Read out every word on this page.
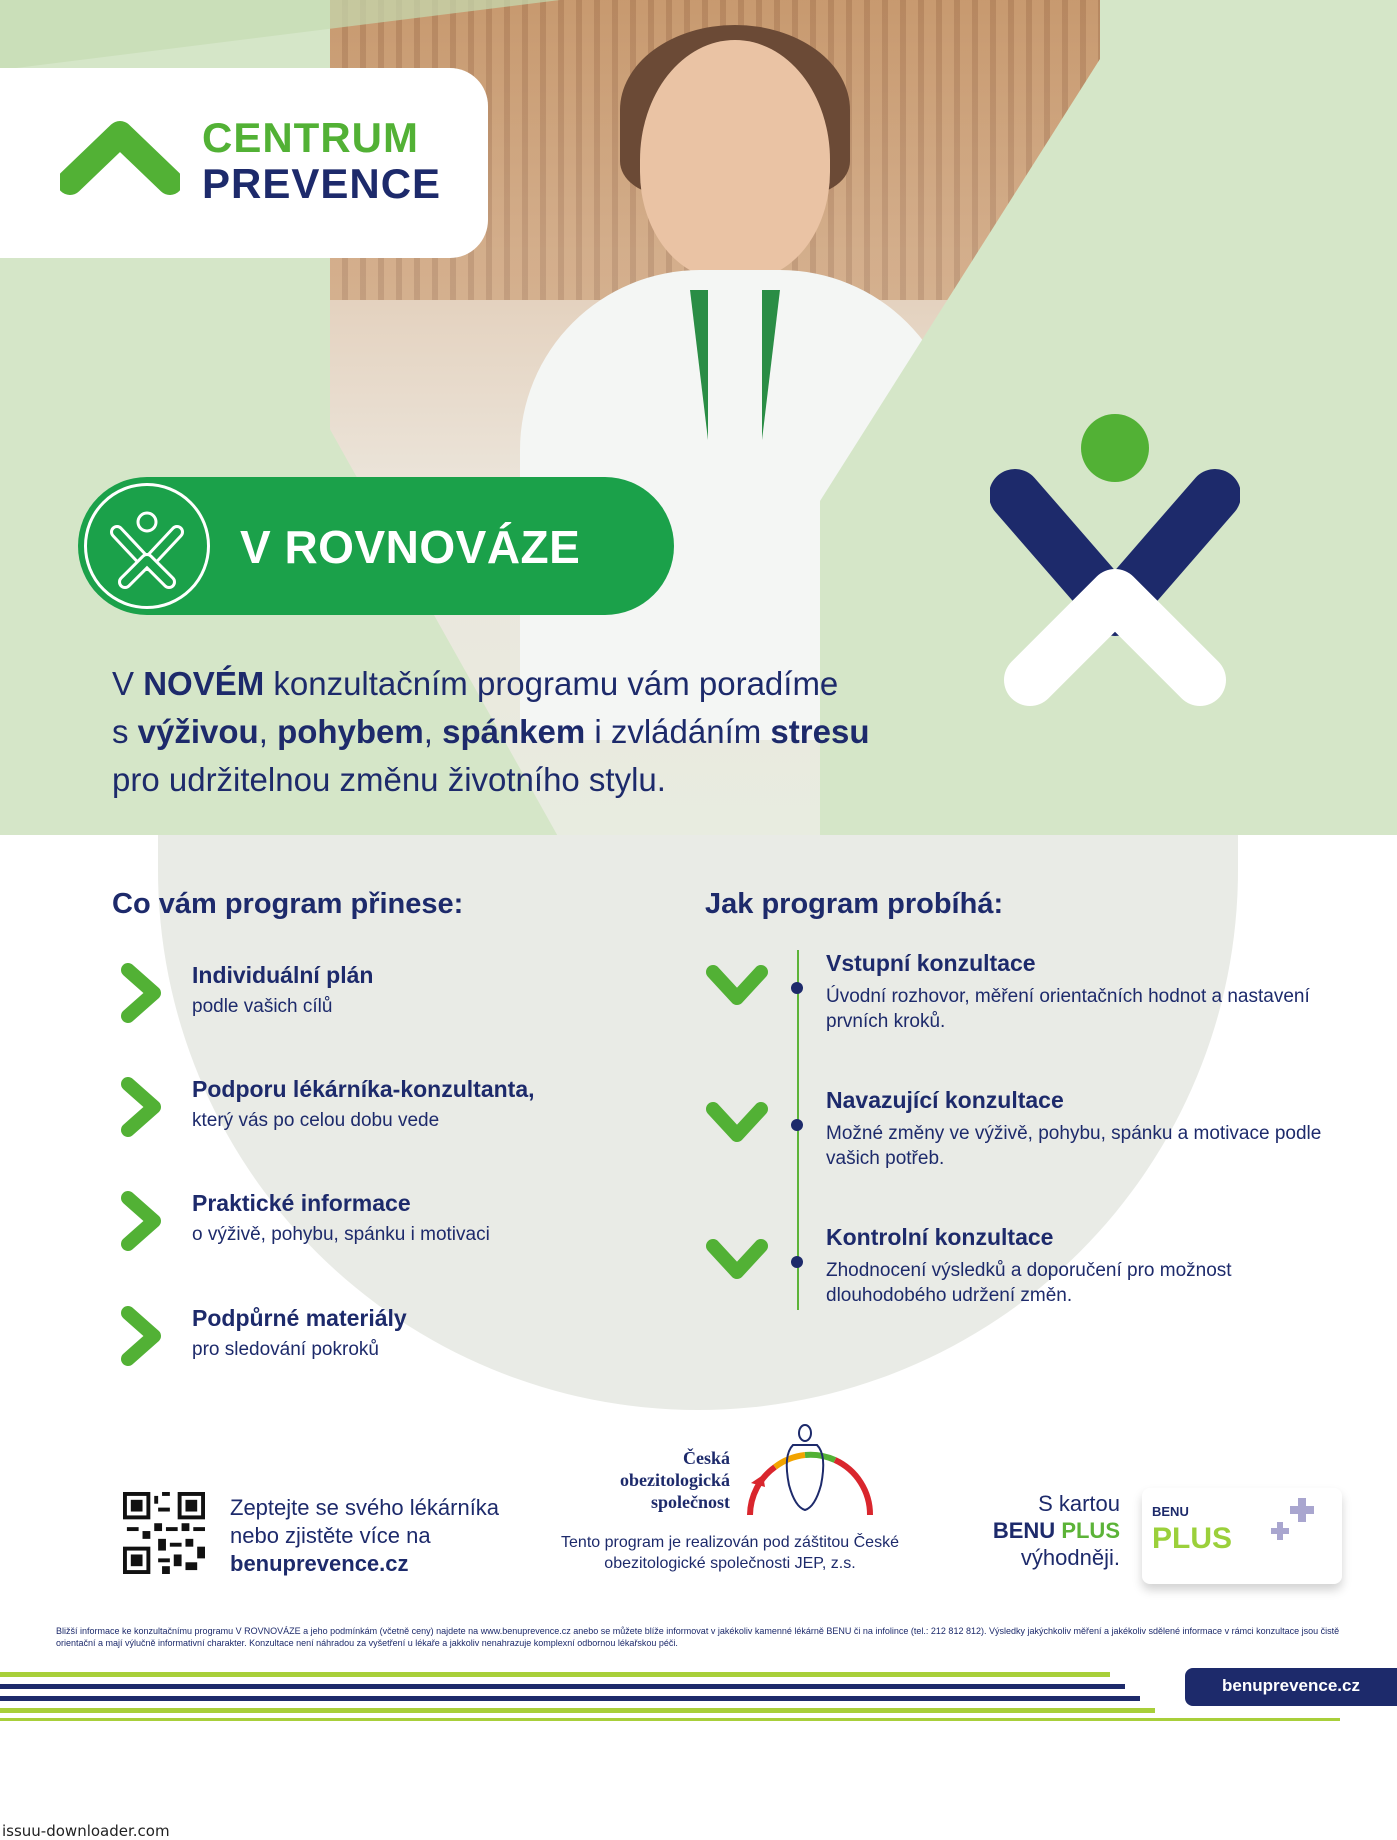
CENTRUM
PREVENCE
V ROVNOVÁZE
V NOVÉM konzultačním programu vám poradíme
s výživou, pohybem, spánkem i zvládáním stresu
pro udržitelnou změnu životního stylu.
Co vám program přinese:
Individuální plán
podle vašich cílů
Podporu lékárníka-konzultanta,
který vás po celou dobu vede
Praktické informace
o výživě, pohybu, spánku i motivaci
Podpůrné materiály
pro sledování pokroků
Jak program probíhá:
Vstupní konzultace
Úvodní rozhovor, měření orientačních hodnot a nastavení prvních kroků.
Navazující konzultace
Možné změny ve výživě, pohybu, spánku a motivace podle vašich potřeb.
Kontrolní konzultace
Zhodnocení výsledků a doporučení pro možnost dlouhodobého udržení změn.
Zeptejte se svého lékárníka nebo zjistěte více na benuprevence.cz
Česká obezitologická společnost
Tento program je realizován pod záštitou České obezitologické společnosti JEP, z.s.
S kartou
BENU PLUS
výhodněji.
BENU
PLUS
Bližší informace ke konzultačnímu programu V ROVNOVÁZE a jeho podmínkám (včetně ceny) najdete na www.benuprevence.cz anebo se můžete blíže informovat v jakékoliv kamenné lékárně BENU či na infolince (tel.: 212 812 812). Výsledky jakýchkoliv měření a jakékoliv sdělené informace v rámci konzultace jsou čistě orientační a mají výlučně informativní charakter. Konzultace není náhradou za vyšetření u lékaře a jakkoliv nenahrazuje komplexní odbornou lékařskou péči.
benuprevence.cz
issuu-downloader.com
